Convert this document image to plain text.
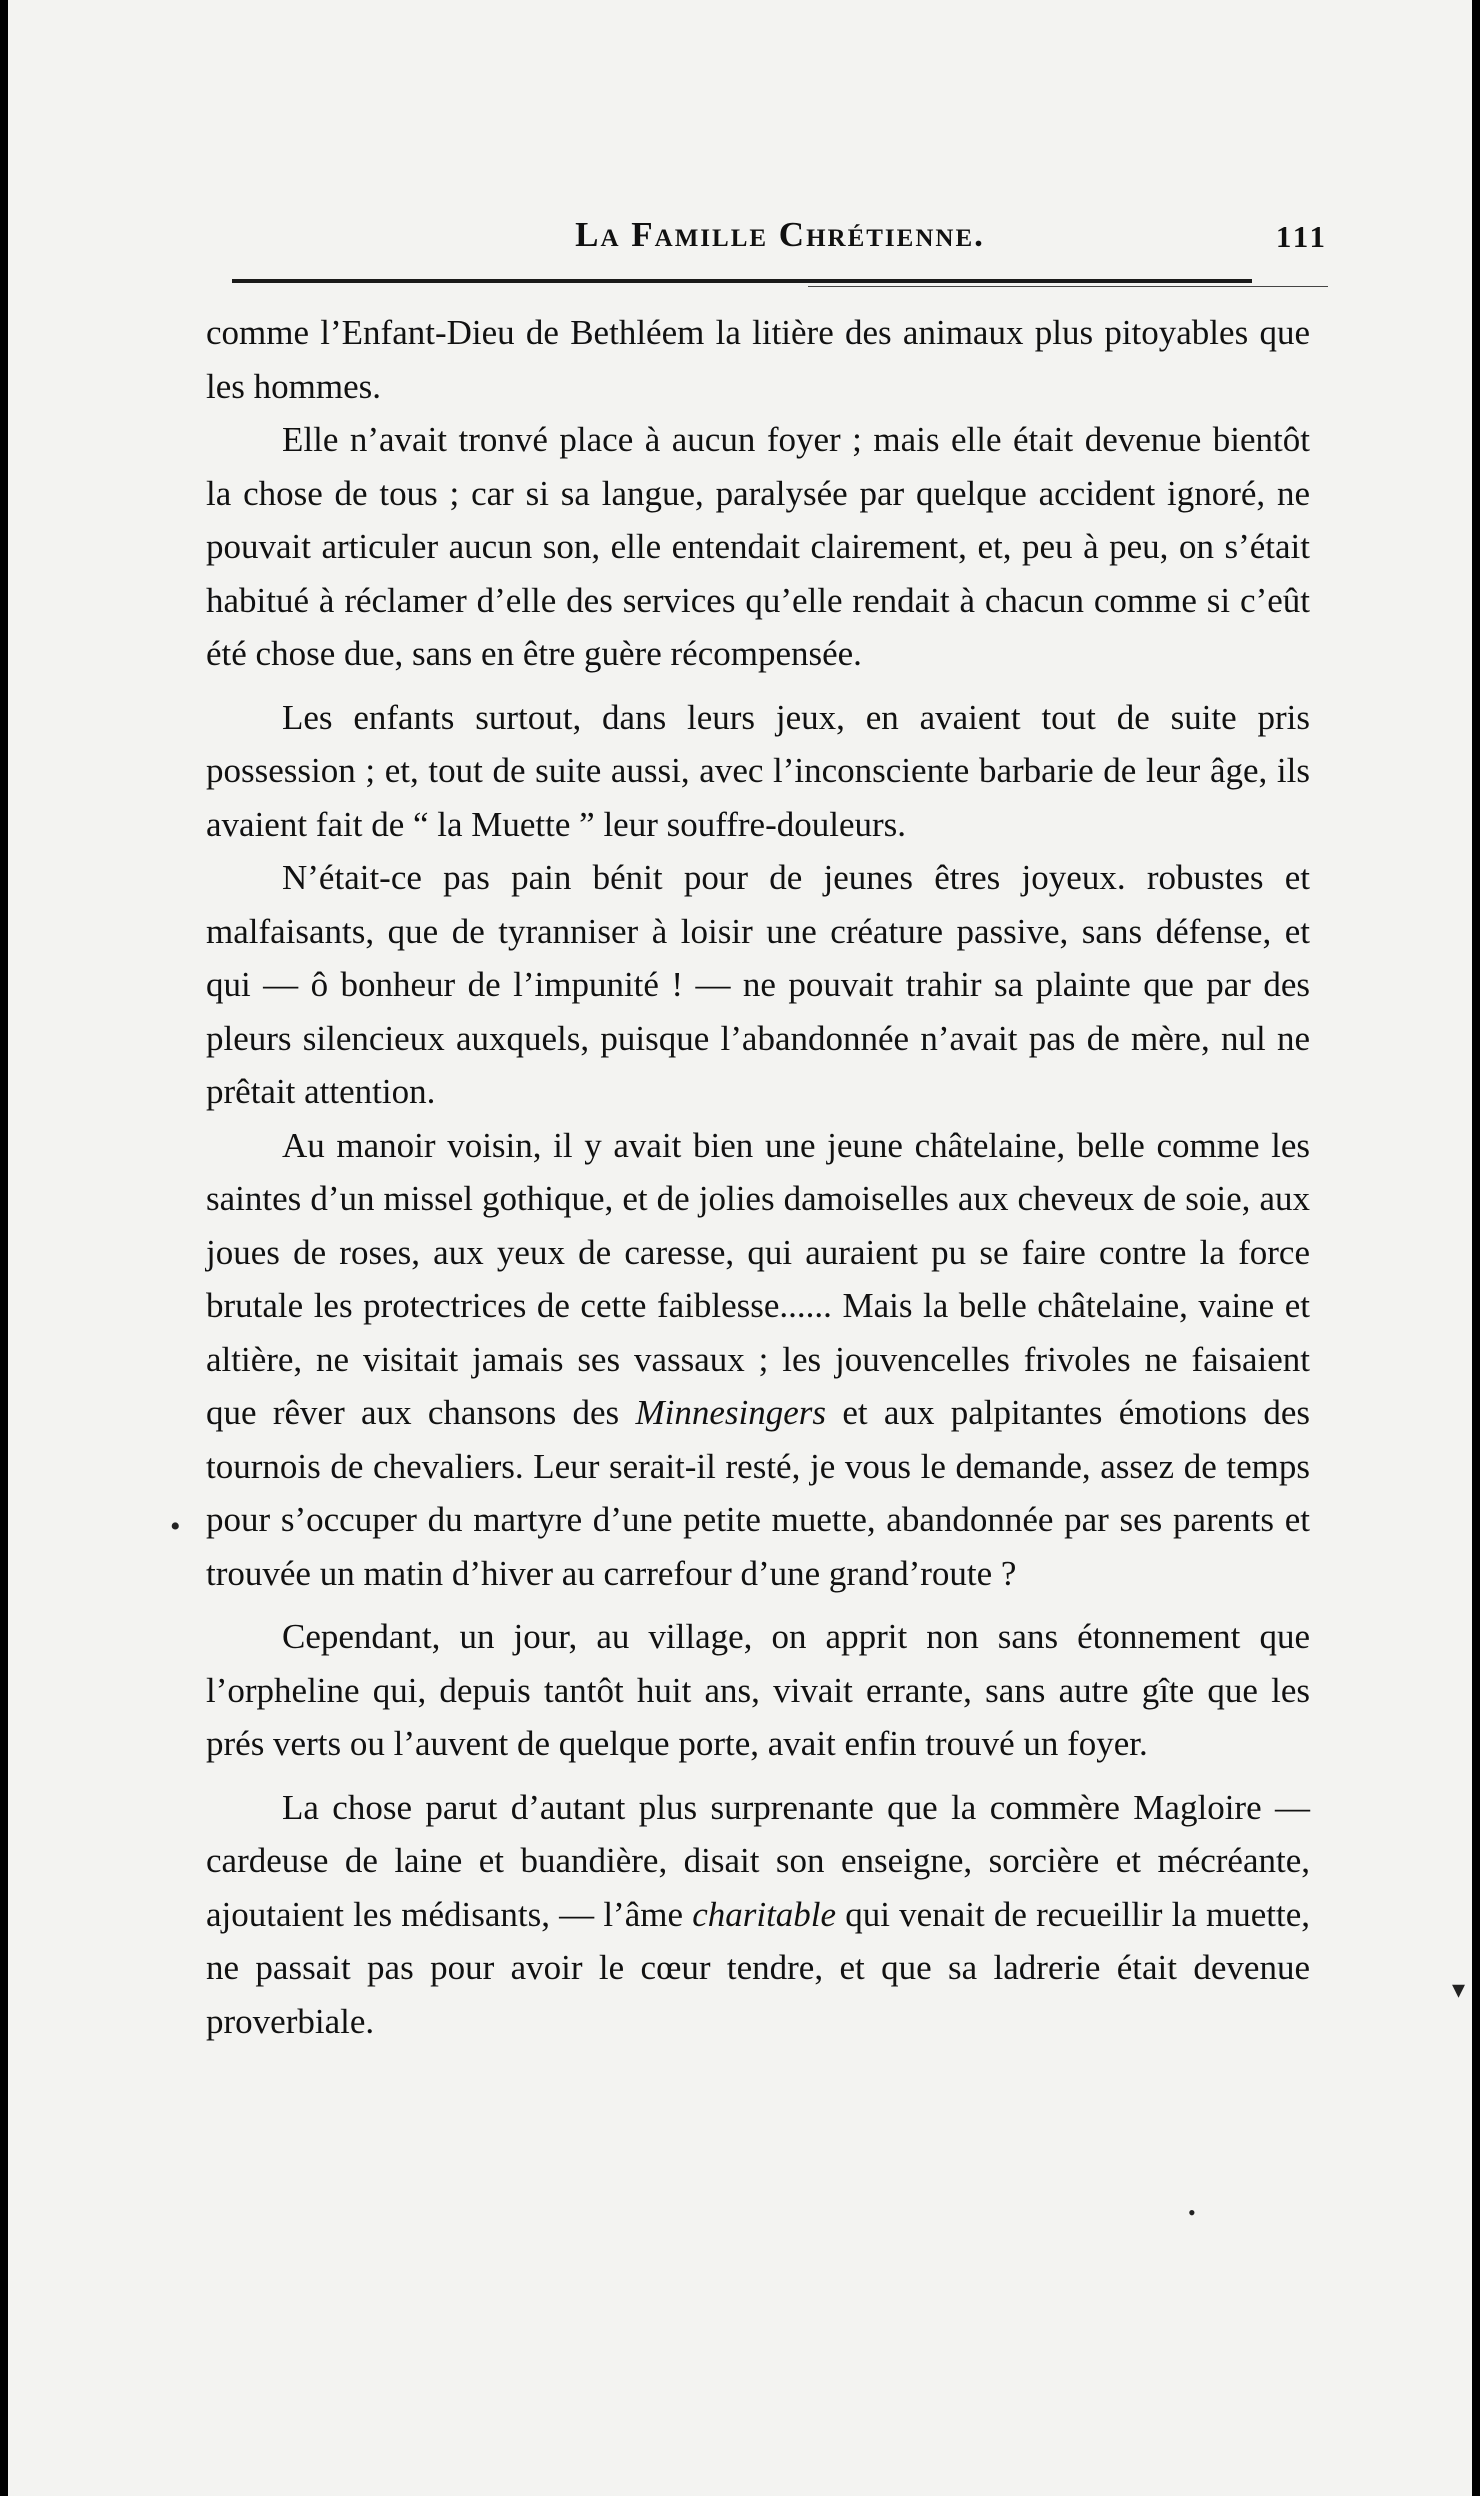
La Famille Chrétienne.	111

comme l’Enfant-Dieu de Bethléem la litière des animaux plus pitoyables que les hommes.

Elle n’avait tronvé place à aucun foyer ; mais elle était devenue bientôt la chose de tous ; car si sa langue, paralysée par quelque accident ignoré, ne pouvait articuler aucun son, elle entendait clairement, et, peu à peu, on s’était habitué à réclamer d’elle des services qu’elle rendait à chacun comme si c’eût été chose due, sans en être guère récompensée.

Les enfants surtout, dans leurs jeux, en avaient tout de suite pris possession ; et, tout de suite aussi, avec l’inconsciente barbarie de leur âge, ils avaient fait de “ la Muette ” leur souffre-douleurs.

N’était-ce pas pain bénit pour de jeunes êtres joyeux. robustes et malfaisants, que de tyranniser à loisir une créature passive, sans défense, et qui — ô bonheur de l’impunité ! — ne pouvait trahir sa plainte que par des pleurs silencieux auxquels, puisque l’abandonnée n’avait pas de mère, nul ne prêtait attention.

Au manoir voisin, il y avait bien une jeune châtelaine, belle comme les saintes d’un missel gothique, et de jolies damoiselles aux cheveux de soie, aux joues de roses, aux yeux de caresse, qui auraient pu se faire contre la force brutale les protectrices de cette faiblesse...... Mais la belle châtelaine, vaine et altière, ne visitait jamais ses vassaux ; les jouvencelles frivoles ne faisaient que rêver aux chansons des Minnesingers et aux palpitantes émotions des tournois de chevaliers. Leur serait-il resté, je vous le demande, assez de temps pour s’occuper du martyre d’une petite muette, abandonnée par ses parents et trouvée un matin d’hiver au carrefour d’une grand’route ?

Cependant, un jour, au village, on apprit non sans étonnement que l’orpheline qui, depuis tantôt huit ans, vivait errante, sans autre gîte que les prés verts ou l’auvent de quelque porte, avait enfin trouvé un foyer.

La chose parut d’autant plus surprenante que la commère Magloire — cardeuse de laine et buandière, disait son enseigne, sorcière et mécréante, ajoutaient les médisants, — l’âme charitable qui venait de recueillir la muette, ne passait pas pour avoir le cœur tendre, et que sa ladrerie était devenue proverbiale.

•
•
▾
